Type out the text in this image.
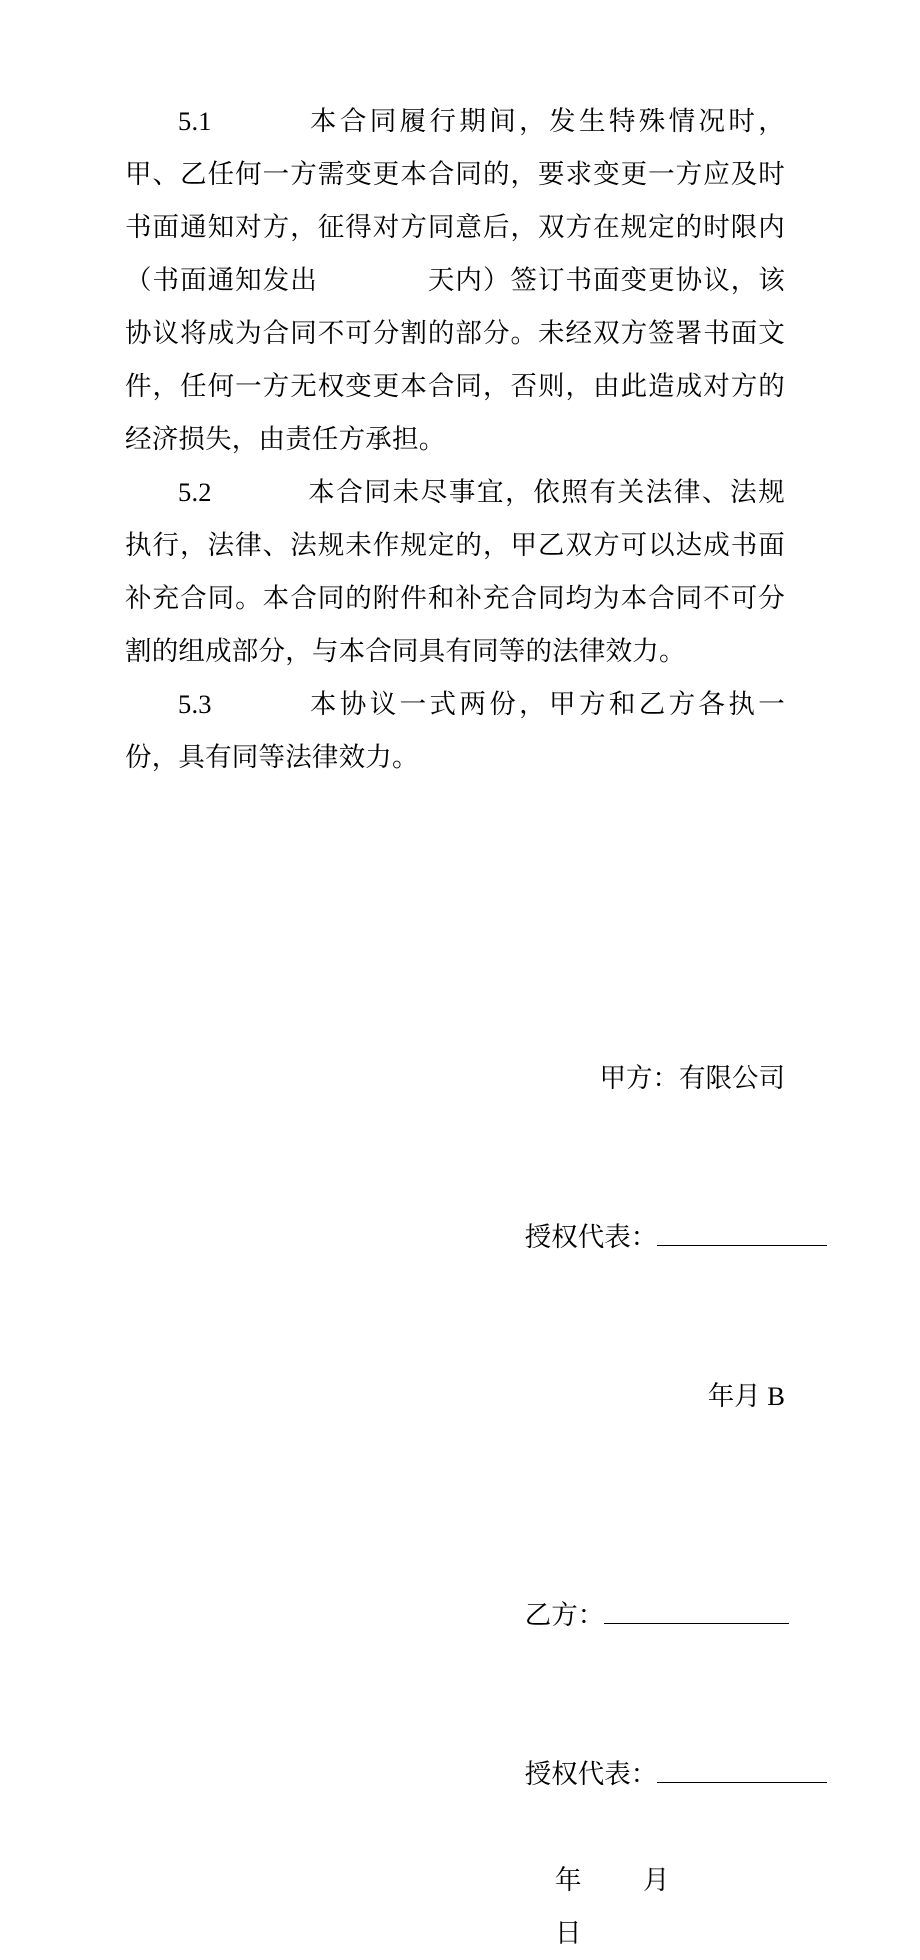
5.1	本合同履行期间，发生特殊情况时，甲、乙任何一方需变更本合同的，要求变更一方应及时书面通知对方，征得对方同意后，双方在规定的时限内（书面通知发出　　　　天内）签订书面变更协议，该协议将成为合同不可分割的部分。未经双方签署书面文件，任何一方无权变更本合同，否则，由此造成对方的经济损失，由责任方承担。

5.2	本合同未尽事宜，依照有关法律、法规执行，法律、法规未作规定的，甲乙双方可以达成书面补充合同。本合同的附件和补充合同均为本合同不可分割的组成部分，与本合同具有同等的法律效力。

5.3	本协议一式两份，甲方和乙方各执一份，具有同等法律效力。

甲方：有限公司

授权代表：

年月 B

乙方：

授权代表：

年 月日
